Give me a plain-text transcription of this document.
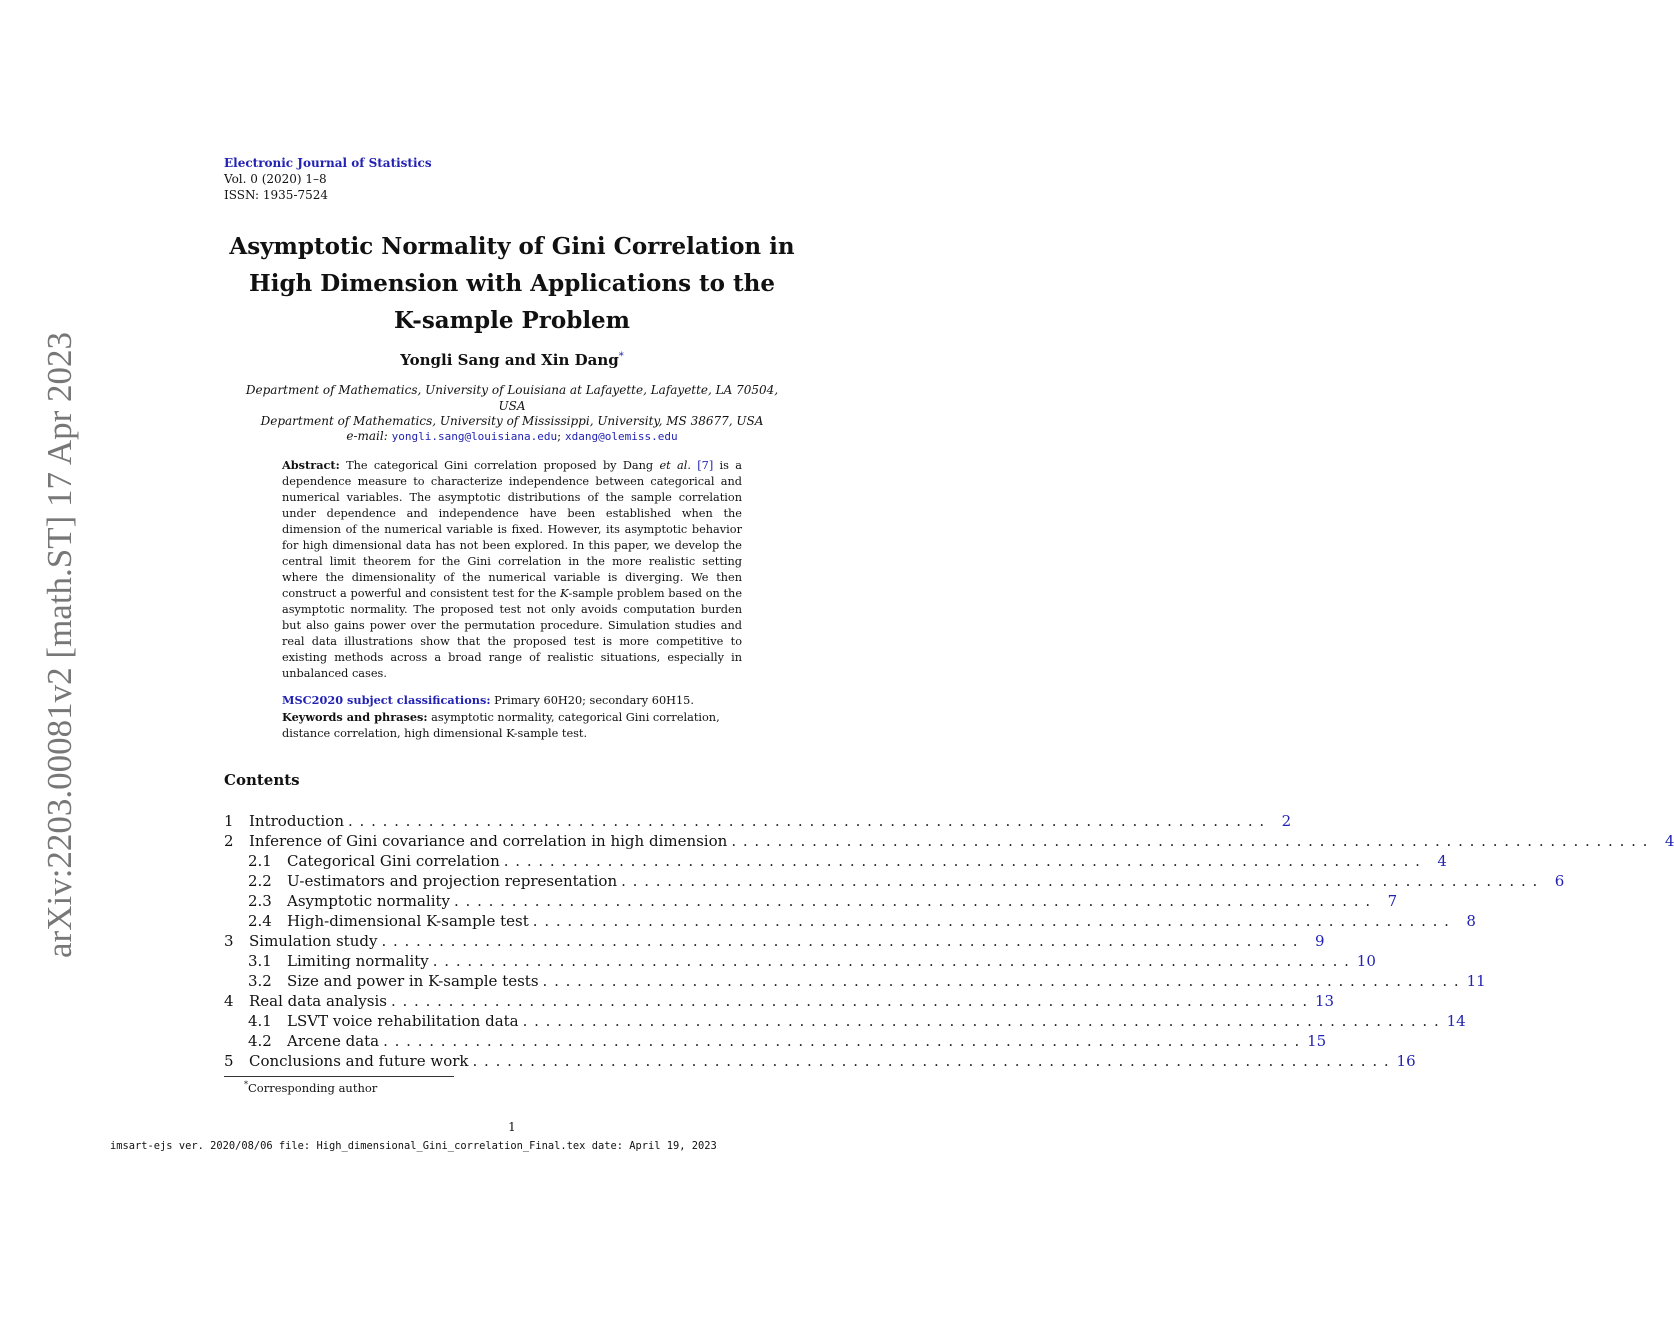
arXiv:2203.00081v2 [math.ST] 17 Apr 2023
Electronic Journal of Statistics
Vol. 0 (2020) 1–8
ISSN: 1935-7524
Asymptotic Normality of Gini Correlation in
High Dimension with Applications to the
K-sample Problem
Yongli Sang and Xin Dang*
Department of Mathematics, University of Louisiana at Lafayette, Lafayette, LA 70504,
USA
Department of Mathematics, University of Mississippi, University, MS 38677, USA
e-mail: yongli.sang@louisiana.edu; xdang@olemiss.edu
Abstract: The categorical Gini correlation proposed by Dang et al. [7] is a dependence measure to characterize independence between categorical and numerical variables. The asymptotic distributions of the sample correlation under dependence and independence have been established when the dimension of the numerical variable is fixed. However, its asymptotic behavior for high dimensional data has not been explored. In this paper, we develop the central limit theorem for the Gini correlation in the more realistic setting where the dimensionality of the numerical variable is diverging. We then construct a powerful and consistent test for the K-sample problem based on the asymptotic normality. The proposed test not only avoids computation burden but also gains power over the permutation procedure. Simulation studies and real data illustrations show that the proposed test is more competitive to existing methods across a broad range of realistic situations, especially in unbalanced cases.
MSC2020 subject classifications: Primary 60H20; secondary 60H15.
Keywords and phrases: asymptotic normality, categorical Gini correlation, distance correlation, high dimensional K-sample test.
Contents
1	Introduction . . . . . . . . . . . . . . . . . . . . . . . . . . . . . . . . . . . . . . . . . . . . . . . . . . . . . . . . . . . . . . . . . . . . . . . . . . . . . . . .	2
2	Inference of Gini covariance and correlation in high dimension . . . . . . . . . . . . . . . . . . . . . . . . . . . . . . . . . . . . . . . . . . . . . . . . . . . . . . . . . . . . . . . . . . . . . . . . . . . . . . . .	4
2.1	Categorical Gini correlation . . . . . . . . . . . . . . . . . . . . . . . . . . . . . . . . . . . . . . . . . . . . . . . . . . . . . . . . . . . . . . . . . . . . . . . . . . . . . . . .	4
2.2	U-estimators and projection representation . . . . . . . . . . . . . . . . . . . . . . . . . . . . . . . . . . . . . . . . . . . . . . . . . . . . . . . . . . . . . . . . . . . . . . . . . . . . . . . .	6
2.3	Asymptotic normality . . . . . . . . . . . . . . . . . . . . . . . . . . . . . . . . . . . . . . . . . . . . . . . . . . . . . . . . . . . . . . . . . . . . . . . . . . . . . . . .	7
2.4	High-dimensional K-sample test . . . . . . . . . . . . . . . . . . . . . . . . . . . . . . . . . . . . . . . . . . . . . . . . . . . . . . . . . . . . . . . . . . . . . . . . . . . . . . . .	8
3	Simulation study . . . . . . . . . . . . . . . . . . . . . . . . . . . . . . . . . . . . . . . . . . . . . . . . . . . . . . . . . . . . . . . . . . . . . . . . . . . . . . . .	9
3.1	Limiting normality . . . . . . . . . . . . . . . . . . . . . . . . . . . . . . . . . . . . . . . . . . . . . . . . . . . . . . . . . . . . . . . . . . . . . . . . . . . . . . . . 10
3.2	Size and power in K-sample tests . . . . . . . . . . . . . . . . . . . . . . . . . . . . . . . . . . . . . . . . . . . . . . . . . . . . . . . . . . . . . . . . . . . . . . . . . . . . . . . . 11
4	Real data analysis . . . . . . . . . . . . . . . . . . . . . . . . . . . . . . . . . . . . . . . . . . . . . . . . . . . . . . . . . . . . . . . . . . . . . . . . . . . . . . . . 13
4.1	LSVT voice rehabilitation data . . . . . . . . . . . . . . . . . . . . . . . . . . . . . . . . . . . . . . . . . . . . . . . . . . . . . . . . . . . . . . . . . . . . . . . . . . . . . . . . 14
4.2	Arcene data . . . . . . . . . . . . . . . . . . . . . . . . . . . . . . . . . . . . . . . . . . . . . . . . . . . . . . . . . . . . . . . . . . . . . . . . . . . . . . . . 15
5	Conclusions and future work . . . . . . . . . . . . . . . . . . . . . . . . . . . . . . . . . . . . . . . . . . . . . . . . . . . . . . . . . . . . . . . . . . . . . . . . . . . . . . . . 16
*Corresponding author
1
imsart-ejs ver. 2020/08/06 file: High_dimensional_Gini_correlation_Final.tex date: April 19, 2023
